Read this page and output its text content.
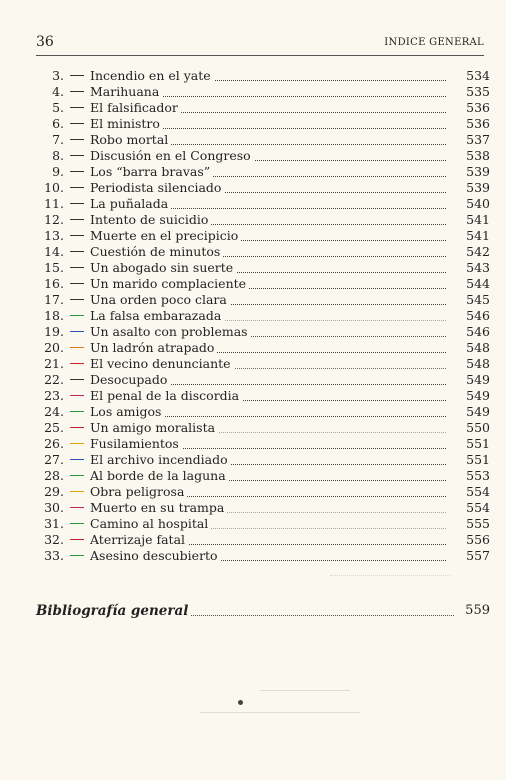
36	INDICE GENERAL
3. Incendio en el yate	534
4. Marihuana	535
5. El falsificador	536
6. El ministro	536
7. Robo mortal	537
8. Discusión en el Congreso	538
9. Los “barra bravas”	539
10. Periodista silenciado	539
11. La puñalada	540
12. Intento de suicidio	541
13. Muerte en el precipicio	541
14. Cuestión de minutos	542
15. Un abogado sin suerte	543
16. Un marido complaciente	544
17. Una orden poco clara	545
18. La falsa embarazada	546
19. Un asalto con problemas	546
20. Un ladrón atrapado	548
21. El vecino denunciante	548
22. Desocupado	549
23. El penal de la discordia	549
24. Los amigos	549
25. Un amigo moralista	550
26. Fusilamientos	551
27. El archivo incendiado	551
28. Al borde de la laguna	553
29. Obra peligrosa	554
30. Muerto en su trampa	554
31. Camino al hospital	555
32. Aterrizaje fatal	556
33. Asesino descubierto	557
Bibliografía general	559
